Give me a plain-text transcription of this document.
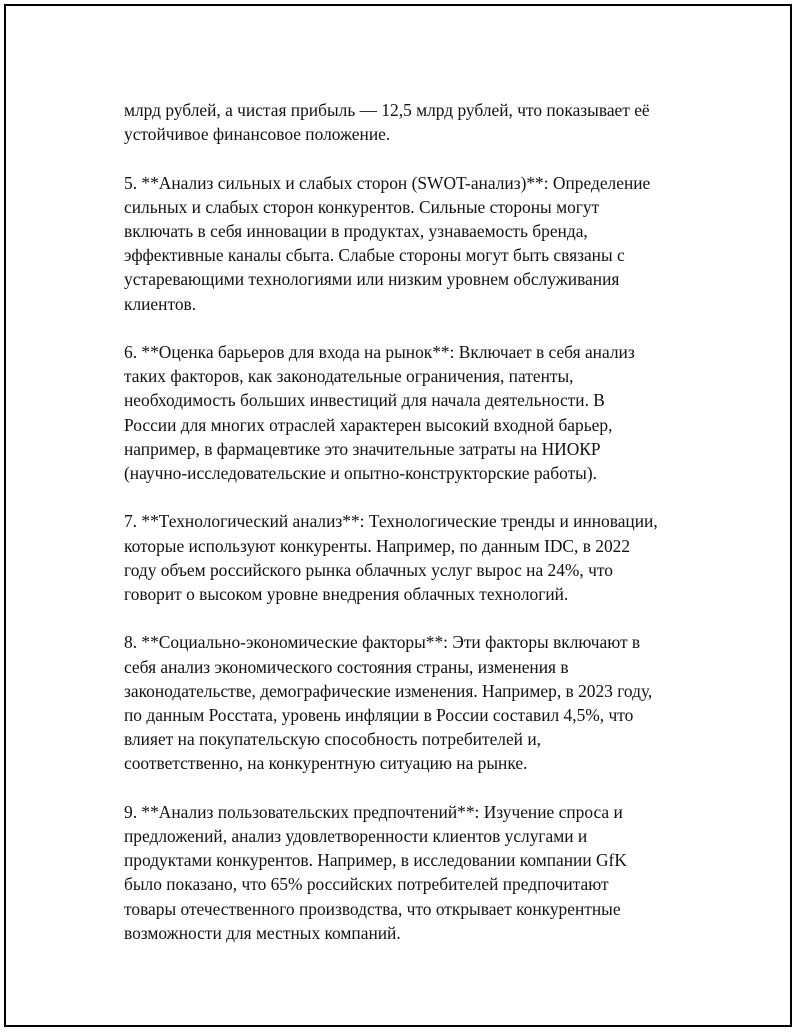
млрд рублей, а чистая прибыль — 12,5 млрд рублей, что показывает её
устойчивое финансовое положение.

5. **Анализ сильных и слабых сторон (SWOT-анализ)**: Определение
сильных и слабых сторон конкурентов. Сильные стороны могут
включать в себя инновации в продуктах, узнаваемость бренда,
эффективные каналы сбыта. Слабые стороны могут быть связаны с
устаревающими технологиями или низким уровнем обслуживания
клиентов.

6. **Оценка барьеров для входа на рынок**: Включает в себя анализ
таких факторов, как законодательные ограничения, патенты,
необходимость больших инвестиций для начала деятельности. В
России для многих отраслей характерен высокий входной барьер,
например, в фармацевтике это значительные затраты на НИОКР
(научно-исследовательские и опытно-конструкторские работы).

7. **Технологический анализ**: Технологические тренды и инновации,
которые используют конкуренты. Например, по данным IDC, в 2022
году объем российского рынка облачных услуг вырос на 24%, что
говорит о высоком уровне внедрения облачных технологий.

8. **Социально-экономические факторы**: Эти факторы включают в
себя анализ экономического состояния страны, изменения в
законодательстве, демографические изменения. Например, в 2023 году,
по данным Росстата, уровень инфляции в России составил 4,5%, что
влияет на покупательскую способность потребителей и,
соответственно, на конкурентную ситуацию на рынке.

9. **Анализ пользовательских предпочтений**: Изучение спроса и
предложений, анализ удовлетворенности клиентов услугами и
продуктами конкурентов. Например, в исследовании компании GfK
было показано, что 65% российских потребителей предпочитают
товары отечественного производства, что открывает конкурентные
возможности для местных компаний.
